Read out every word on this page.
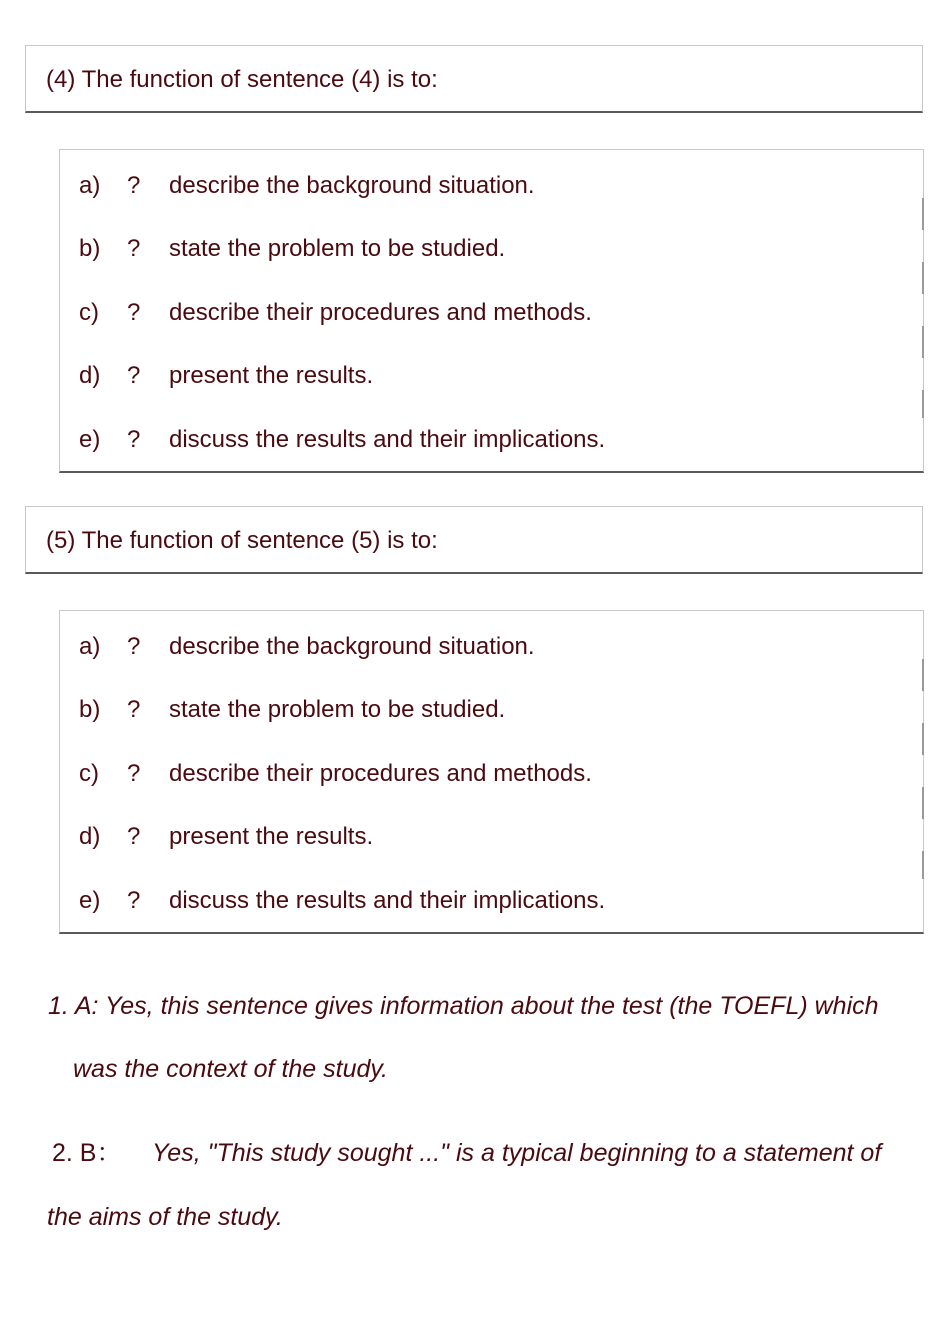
(4) The function of sentence (4) is to:
a) ? describe the background situation.
b) ? state the problem to be studied.
c) ? describe their procedures and methods.
d) ? present the results.
e) ? discuss the results and their implications.
(5) The function of sentence (5) is to:
a) ? describe the background situation.
b) ? state the problem to be studied.
c) ? describe their procedures and methods.
d) ? present the results.
e) ? discuss the results and their implications.
1. A: Yes, this sentence gives information about the test (the TOEFL) which
was the context of the study.
2. B： Yes, "This study sought ..." is a typical beginning to a statement of
the aims of the study.
